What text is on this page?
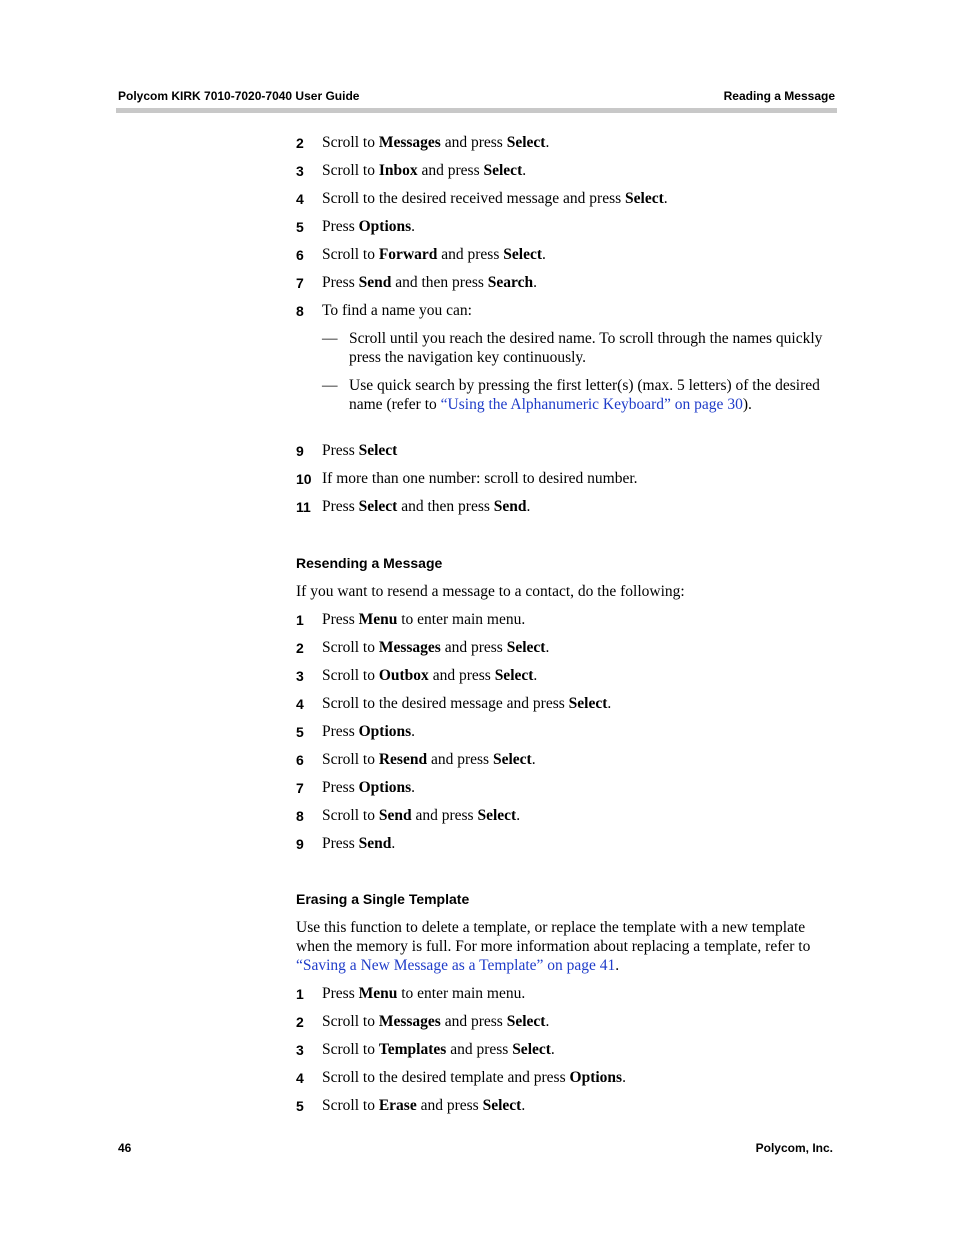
Polycom KIRK 7010-7020-7040 User Guide	Reading a Message
2	Scroll to Messages and press Select.
3	Scroll to Inbox and press Select.
4	Scroll to the desired received message and press Select.
5	Press Options.
6	Scroll to Forward and press Select.
7	Press Send and then press Search.
8	To find a name you can:
— Scroll until you reach the desired name. To scroll through the names quickly press the navigation key continuously.
— Use quick search by pressing the first letter(s) (max. 5 letters) of the desired name (refer to “Using the Alphanumeric Keyboard” on page 30).
9	Press Select
10 If more than one number: scroll to desired number.
11 Press Select and then press Send.
Resending a Message
If you want to resend a message to a contact, do the following:
1	Press Menu to enter main menu.
2	Scroll to Messages and press Select.
3	Scroll to Outbox and press Select.
4	Scroll to the desired message and press Select.
5	Press Options.
6	Scroll to Resend and press Select.
7	Press Options.
8	Scroll to Send and press Select.
9	Press Send.
Erasing a Single Template
Use this function to delete a template, or replace the template with a new template when the memory is full. For more information about replacing a template, refer to “Saving a New Message as a Template” on page 41.
1	Press Menu to enter main menu.
2	Scroll to Messages and press Select.
3	Scroll to Templates and press Select.
4	Scroll to the desired template and press Options.
5	Scroll to Erase and press Select.
46	Polycom, Inc.
